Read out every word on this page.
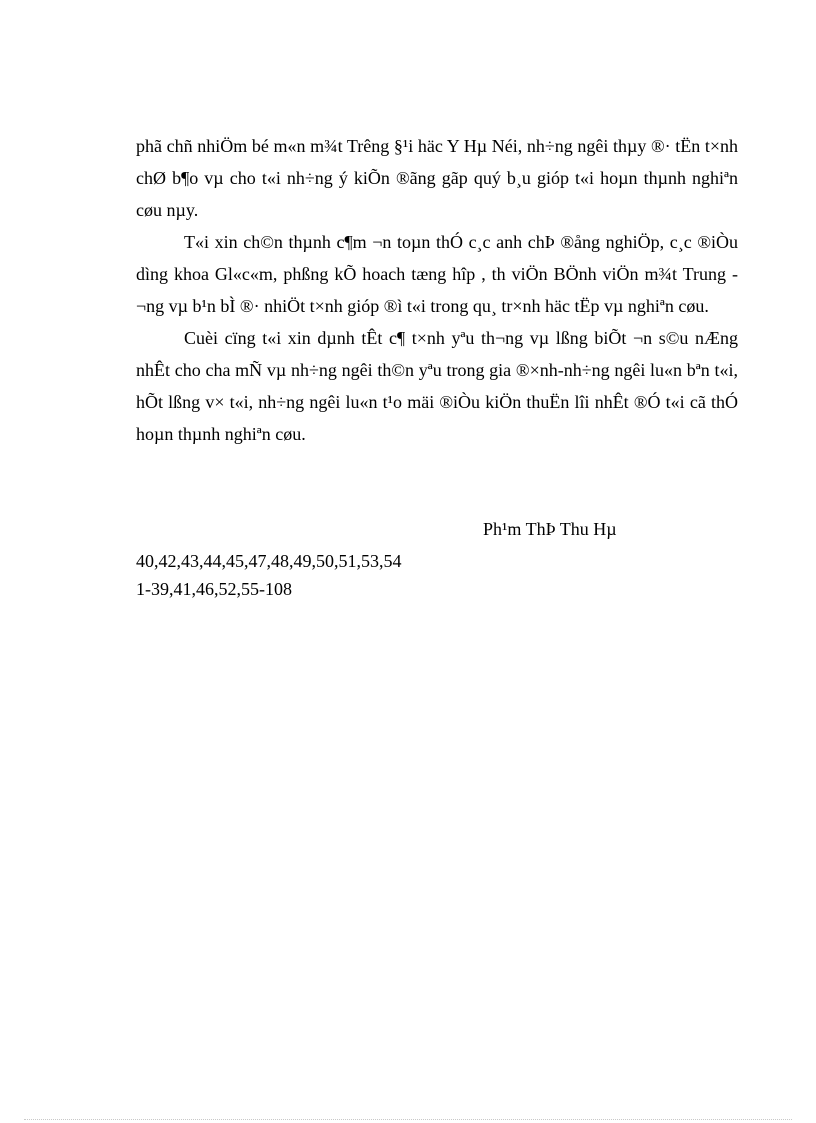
phã chñ nhiÖm bé m«n m¾t Trêng §¹i häc Y Hµ Néi, nh÷ng ngêi thµy ®· tËn t×nh chØ b¶o vµ cho t«i nh÷ng ý kiÕn ®ãng gãp quý b¸u gióp t«i hoµn thµnh nghiªn cøu nµy.

T«i xin ch©n thµnh c¶m ¬n toµn thÓ c¸c anh chÞ ®ång nghiÖp, c¸c ®iÒu dìng khoa Gl«c«m, phßng kÕ hoach tæng hîp , th viÖn BÖnh viÖn m¾t Trung ¬ng vµ b¹n bÌ ®· nhiÖt t×nh gióp ®ì t«i trong qu¸ tr×nh häc tËp vµ nghiªn cøu.

Cuèi cïng t«i xin dµnh tÊt c¶ t×nh yªu th¬ng vµ lßng biÕt ¬n s©u nÆng nhÊt cho cha mÑ vµ nh÷ng ngêi th©n yªu trong gia ®×nh-nh÷ng ngêi lu«n bªn t«i, hÕt lßng v× t«i, nh÷ng ngêi lu«n t¹o mäi ®iÒu kiÖn thuËn lîi nhÊt ®Ó t«i cã thÓ hoµn thµnh nghiªn cøu.

Ph¹m ThÞ Thu Hµ
40,42,43,44,45,47,48,49,50,51,53,54
1-39,41,46,52,55-108
